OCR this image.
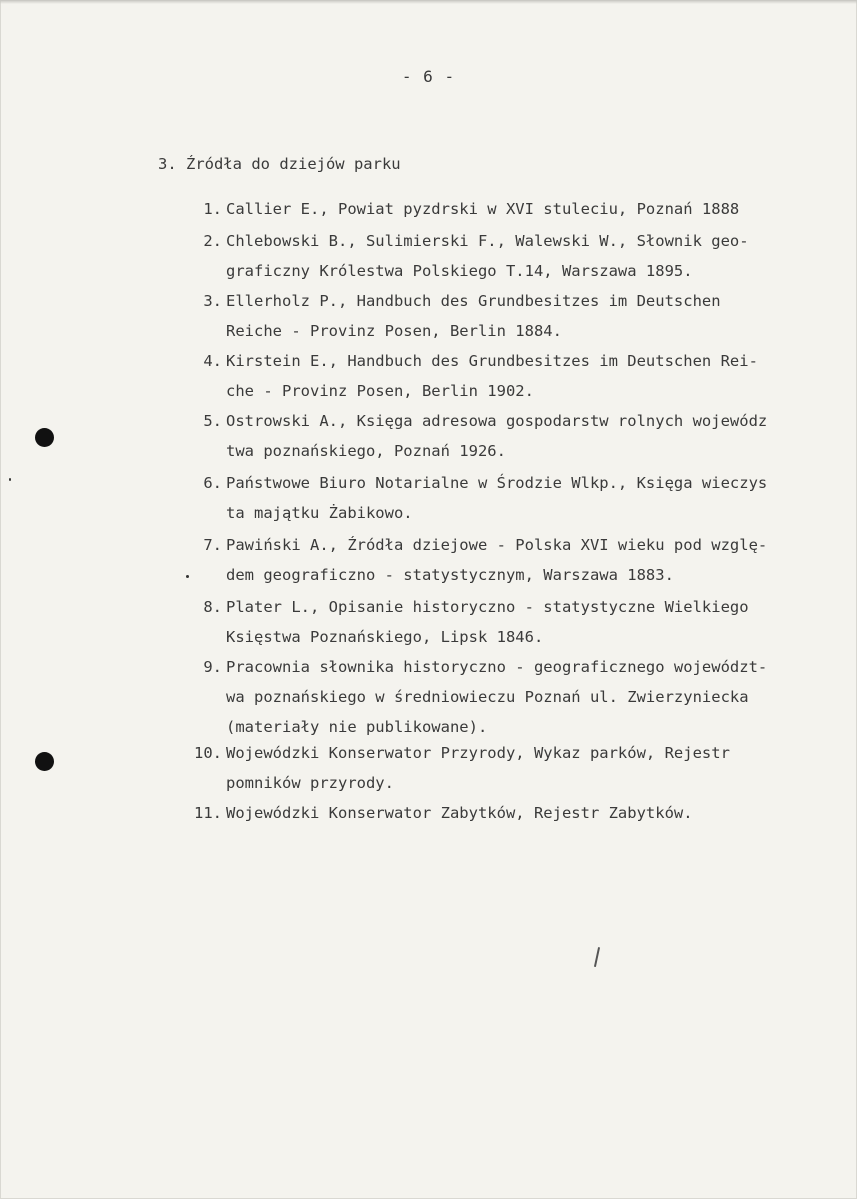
- 6 -
3. Źródła do dziejów parku
1. Callier E., Powiat pyzdrski w XVI stuleciu, Poznań 1888
2. Chlebowski B., Sulimierski F., Walewski W., Słownik geo-
graficzny Królestwa Polskiego T.14, Warszawa 1895.
3. Ellerholz P., Handbuch des Grundbesitzes im Deutschen
Reiche - Provinz Posen, Berlin 1884.
4. Kirstein E., Handbuch des Grundbesitzes im Deutschen Rei-
che - Provinz Posen, Berlin 1902.
5. Ostrowski A., Księga adresowa gospodarstw rolnych wojewódz
twa poznańskiego, Poznań 1926.
6. Państwowe Biuro Notarialne w Środzie Wlkp., Księga wieczys
ta majątku Żabikowo.
7. Pawiński A., Źródła dziejowe - Polska XVI wieku pod wzglę-
dem geograficzno - statystycznym, Warszawa 1883.
8. Plater L., Opisanie historyczno - statystyczne Wielkiego
Księstwa Poznańskiego, Lipsk 1846.
9. Pracownia słownika historyczno - geograficznego województ-
wa poznańskiego w średniowieczu Poznań ul. Zwierzyniecka
(materiały nie publikowane).
10. Wojewódzki Konserwator Przyrody, Wykaz parków, Rejestr
pomników przyrody.
11. Wojewódzki Konserwator Zabytków, Rejestr Zabytków.
